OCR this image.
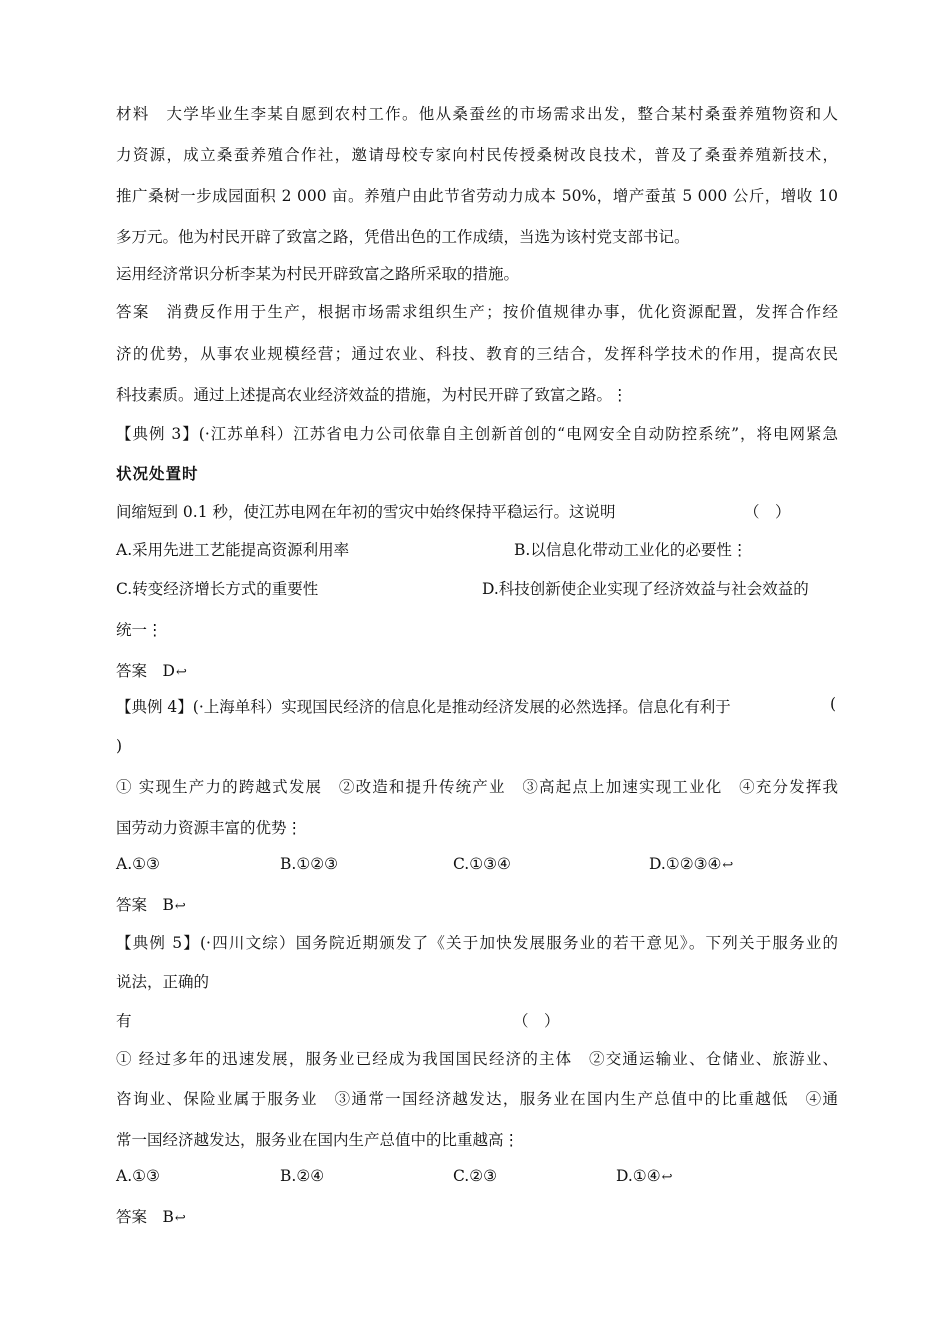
材料　大学毕业生李某自愿到农村工作。他从桑蚕丝的市场需求出发，整合某村桑蚕养殖物资和人
力资源，成立桑蚕养殖合作社，邀请母校专家向村民传授桑树改良技术，普及了桑蚕养殖新技术，
推广桑树一步成园面积 2 000 亩。养殖户由此节省劳动力成本 50%，增产蚕茧 5 000 公斤，增收 10
多万元。他为村民开辟了致富之路，凭借出色的工作成绩，当选为该村党支部书记。
运用经济常识分析李某为村民开辟致富之路所采取的措施。
答案　消费反作用于生产，根据市场需求组织生产；按价值规律办事，优化资源配置，发挥合作经
济的优势，从事农业规模经营；通过农业、科技、教育的三结合，发挥科学技术的作用，提高农民
科技素质。通过上述提高农业经济效益的措施，为村民开辟了致富之路。⋮
【典例 3】(·江苏单科）江苏省电力公司依靠自主创新首创的“电网安全自动防控系统”，将电网紧急
状况处置时
间缩短到 0.1 秒，使江苏电网在年初的雪灾中始终保持平稳运行。这说明	（　）
A.采用先进工艺能提高资源利用率	B.以信息化带动工业化的必要性⋮
C.转变经济增长方式的重要性	D.科技创新使企业实现了经济效益与社会效益的
统一⋮
答案　D↩
【典例 4】(·上海单科）实现国民经济的信息化是推动经济发展的必然选择。信息化有利于	(
)
① 实现生产力的跨越式发展　②改造和提升传统产业　③高起点上加速实现工业化　④充分发挥我
国劳动力资源丰富的优势⋮
A.①③	B.①②③	C.①③④	D.①②③④↩
答案　B↩
【典例 5】(·四川文综）国务院近期颁发了《关于加快发展服务业的若干意见》。下列关于服务业的
说法，正确的
有	（　）
① 经过多年的迅速发展，服务业已经成为我国国民经济的主体　②交通运输业、仓储业、旅游业、
咨询业、保险业属于服务业　③通常一国经济越发达，服务业在国内生产总值中的比重越低　④通
常一国经济越发达，服务业在国内生产总值中的比重越高⋮
A.①③	B.②④	C.②③	D.①④↩
答案　B↩
